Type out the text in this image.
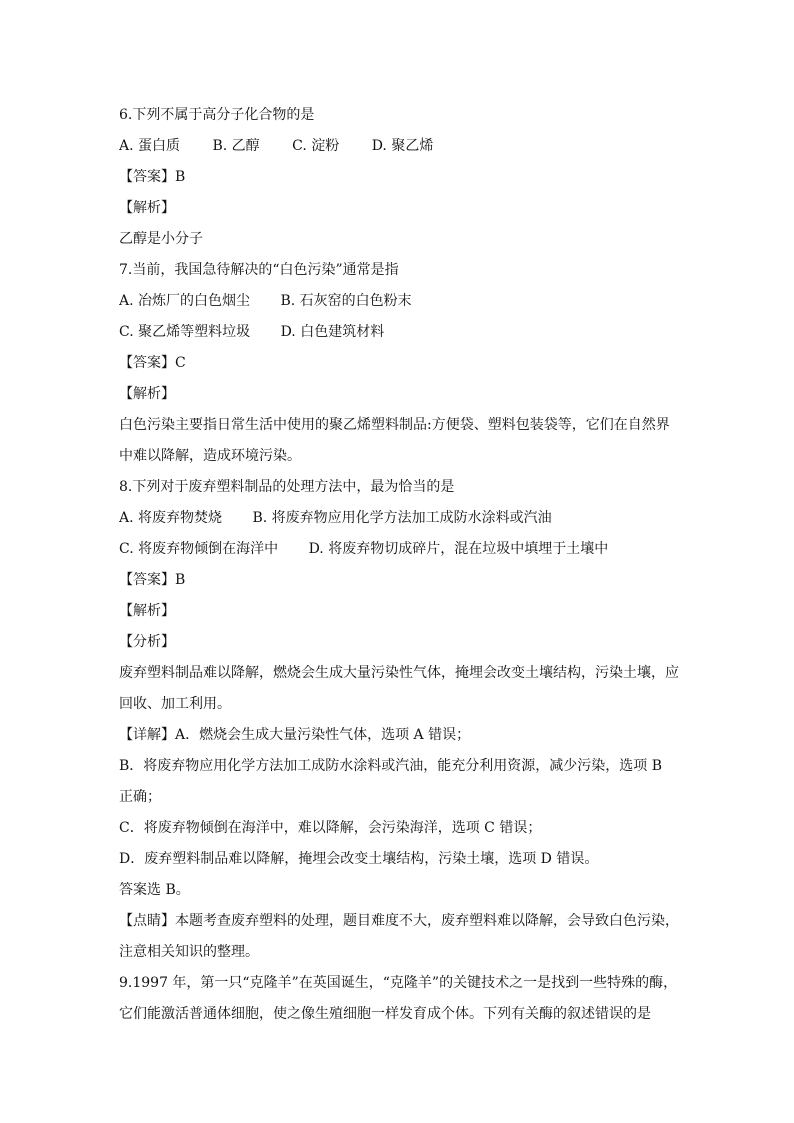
6.下列不属于高分子化合物的是
A. 蛋白质 B. 乙醇 C. 淀粉 D. 聚乙烯
【答案】B
【解析】
乙醇是小分子
7.当前，我国急待解决的“白色污染”通常是指
A. 冶炼厂的白色烟尘 B. 石灰窑的白色粉末
C. 聚乙烯等塑料垃圾 D. 白色建筑材料
【答案】C
【解析】
白色污染主要指日常生活中使用的聚乙烯塑料制品:方便袋、塑料包装袋等，它们在自然界中难以降解，造成环境污染。
8.下列对于废弃塑料制品的处理方法中，最为恰当的是
A. 将废弃物焚烧 B. 将废弃物应用化学方法加工成防水涂料或汽油
C. 将废弃物倾倒在海洋中 D. 将废弃物切成碎片，混在垃圾中填埋于土壤中
【答案】B
【解析】
【分析】
废弃塑料制品难以降解，燃烧会生成大量污染性气体，掩埋会改变土壤结构，污染土壤，应回收、加工利用。
【详解】A．燃烧会生成大量污染性气体，选项 A 错误；
B．将废弃物应用化学方法加工成防水涂料或汽油，能充分利用资源，减少污染，选项 B 正确；
C．将废弃物倾倒在海洋中，难以降解，会污染海洋，选项 C 错误；
D．废弃塑料制品难以降解，掩埋会改变土壤结构，污染土壤，选项 D 错误。
答案选 B。
【点睛】本题考查废弃塑料的处理，题目难度不大，废弃塑料难以降解，会导致白色污染，注意相关知识的整理。
9.1997 年，第一只“克隆羊”在英国诞生，“克隆羊”的关键技术之一是找到一些特殊的酶，它们能激活普通体细胞，使之像生殖细胞一样发育成个体。下列有关酶的叙述错误的是
